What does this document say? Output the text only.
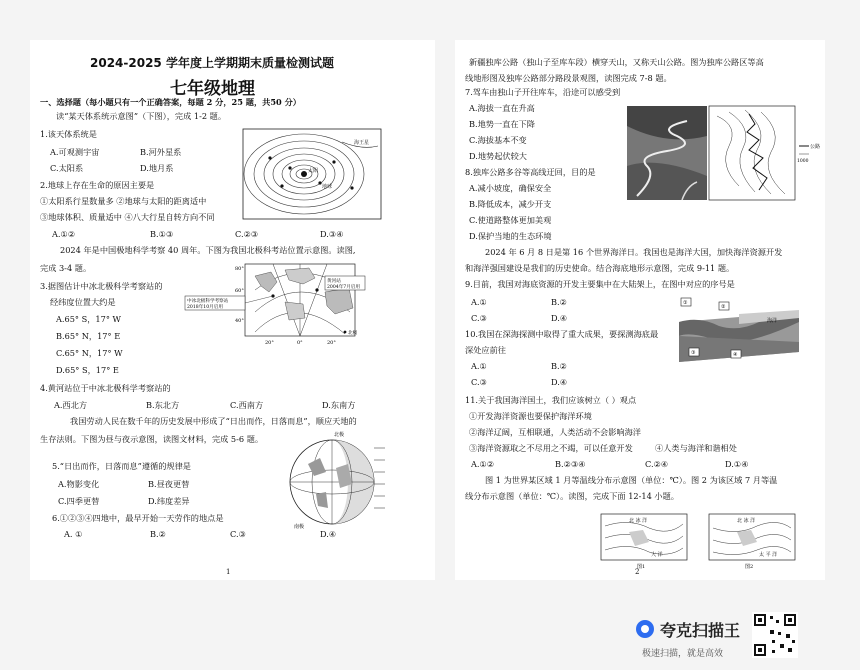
2024-2025 学年度上学期期末质量检测试题
七年级地理
一、选择题（每小题只有一个正确答案，每题 2 分，25 题，共50 分）
读“某天体系统示意图”（下图），完成 1-2 题。
1.该天体系统是
A.可观测宇宙	B.河外星系
C.太阳系	D.地月系
2.地球上存在生命的原因主要是
①太阳系行星数量多 ②地球与太阳的距离适中
③地球体积、质量适中 ④八大行星自转方向不同
A.①②	B.①③	C.②③	D.③④
海王星
太阳
地球
2024 年是中国极地科学考察 40 周年。下图为我国北极科考站位置示意图。读图,
完成 3-4 题。
3.据图估计中冰北极科学考察站的
经纬度位置大约是
A.65° S，17° W
B.65° N，17° E
C.65° N，17° W
D.65° S，17° E
中冰北极科学考察站
2018年10月启用
黄河站
2004年7月启用
北极
80°
60°
40°
20°	0°	20°
4.黄河站位于中冰北极科学考察站的
A.西北方	B.东北方	C.西南方	D.东南方
我国劳动人民在数千年的历史发展中形成了“日出而作，日落而息”，顺应天地的
生存法则。下图为昼与夜示意图，读图文材料，完成 5-6 题。
5.“日出而作，日落而息”遵循的规律是
A.物影变化	B.昼夜更替
C.四季更替	D.纬度差异
6.①②③④四地中，最早开始一天劳作的地点是
A. ①	B.②	C.③	D.④
北极
南极
1
新疆独库公路（独山子至库车段）横穿天山，又称天山公路。图为独库公路区等高
线地形图及独库公路部分路段景观图，读图完成 7-8 题。
7.驾车由独山子开往库车，沿途可以感受到
A.海拔一直在升高
B.地势一直在下降
C.海拔基本不变
D.地势起伏较大
8.独库公路多谷等高线迂回，目的是
A.减小坡度，确保安全
B.降低成本，减少开支
C.使道路整体更加美观
D.保护当地的生态环境
公路
1000
2024 年 6 月 8 日是第 16 个世界海洋日。我国也是海洋大国，加快海洋资源开发
和海洋强国建设是我们的历史使命。结合海底地形示意图，完成 9-11 题。
9.目前，我国对海底资源的开发主要集中在大陆架上，在图中对应的序号是
A.①	B.②
C.③	D.④
10.我国在深海探测中取得了重大成果，要探测海底最
深处应前往
A.①	B.②
C.③	D.④
①
②
③	④
海洋
11.关于我国海洋国土，我们应该树立（ ）观点
①开发海洋资源也要保护海洋环境
②海洋辽阔，互相联通，人类活动不会影响海洋
③海洋资源取之不尽用之不竭，可以任意开发	④人类与海洋和谐相处
A.①②	B.②③④	C.②④	D.①④
图 1 为世界某区域 1 月等温线分布示意图（单位：℃）。图 2 为该区域 7 月等温
线分布示意图（单位：℃）。读图，完成下面 12-14 小题。
北 冰 洋
大 洋
图1
北 冰 洋
太 平 洋
图2
2
夸克扫描王
极速扫描，就是高效
